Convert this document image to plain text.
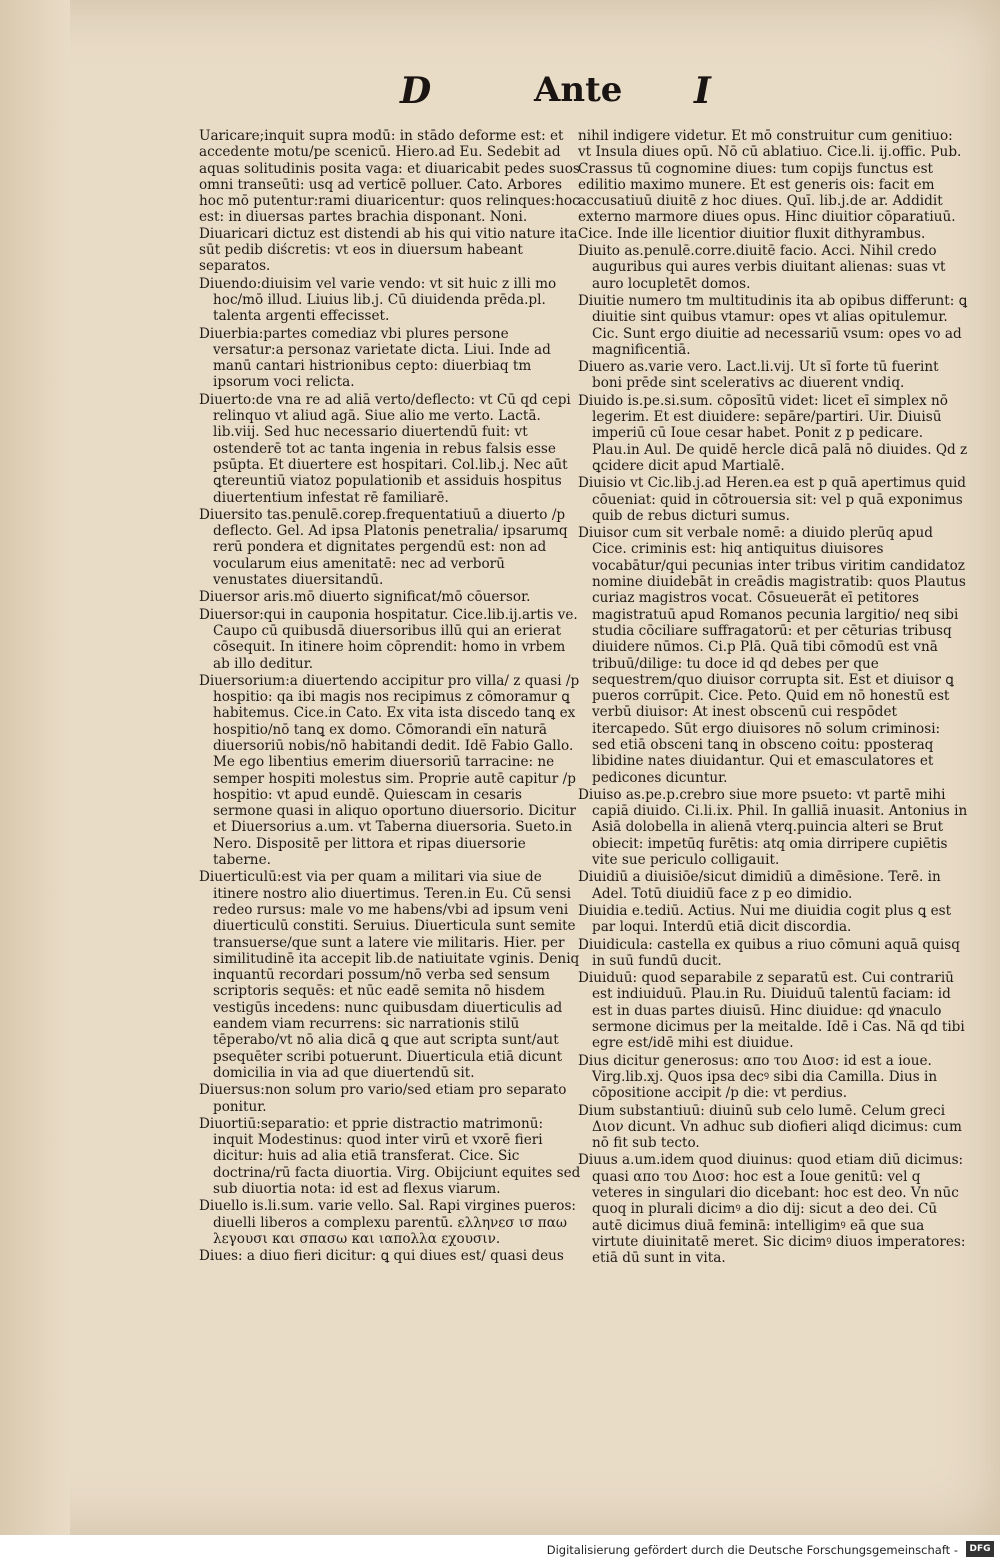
D	Ante I

Uaricare;inquit supra modū: in stādo deforme est: et accedente motu/pe scenicū. Hiero.ad Eu. Sedebit ad aquas solitudinis posita vaga: et diuaricabit pedes suos omni transeūti: usq ad verticē polluer. Cato. Arbores hoc mō putentur:rami diuaricentur: quos relinques:hoc est: in diuersas partes brachia disponant. Noni. Diuaricari dictuz est distendi ab his qui vitio nature ita sūt pedib diścretis: vt eos in diuersum habeant separatos.

Diuendo:diuisim vel varie vendo: vt sit huic z illi mo hoc/mō illud. Liuius lib.j. Cū diuidenda prēda.pl. talenta argenti effecisset.

Diuerbia:partes comediaz vbi plures persone versatur:a personaz varietate dicta. Liui. Inde ad manū cantari histrionibus cepto: diuerbiaq tm ipsorum voci relicta.

Diuerto:de vna re ad aliā verto/deflecto: vt Cū qd cepi relinquo vt aliud agā. Siue alio me verto. Lactā. lib.viij. Sed huc necessario diuertendū fuit: vt ostenderē tot ac tanta ingenia in rebus falsis esse psūpta. Et diuertere est hospitari. Col.lib.j. Nec aūt ꝗtereuntiū viatoz populationib et assiduis hospitus diuertentium infestat rē familiarē.

Diuersito tas.penulē.corep.frequentatiuū a diuerto /p deflecto. Gel. Ad ipsa Platonis penetralia/ ipsarumq rerū pondera et dignitates pergendū est: non ad vocularum eius amenitatē: nec ad verborū venustates diuersitandū.

Diuersor aris.mō diuerto significat/mō cōuersor.

Diuersor:qui in cauponia hospitatur. Cice.lib.ij.artis ve. Caupo cū quibusdā diuersoribus illū qui an erierat cōsequit. In itinere hoim cōprendit: homo in vrbem ab illo deditur.

Diuersorium:a diuertendo accipitur pro villa/ z quasi /p hospitio: qa ibi magis nos recipimus z cōmoramur ꝗ habitemus. Cice.in Cato. Ex vita ista discedo tanꝗ ex hospitio/nō tanꝗ ex domo. Cōmorandi eīn naturā diuersoriū nobis/nō habitandi dedit. Idē Fabio Gallo. Me ego libentius emerim diuersoriū tarracine: ne semper hospiti molestus sim. Proprie autē capitur /p hospitio: vt apud eundē. Quiescam in cesaris sermone quasi in aliquo oportuno diuersorio. Dicitur et Diuersorius a.um. vt Taberna diuersoria. Sueto.in Nero. Dispositē per littora et ripas diuersorie taberne.

Diuerticulū:est via per quam a militari via siue de itinere nostro alio diuertimus. Teren.in Eu. Cū sensi redeo rursus: male vo me habens/vbi ad ipsum veni diuerticulū constiti. Seruius. Diuerticula sunt semite transuerse/que sunt a latere vie militaris. Hier. per similitudinē ita accepit lib.de natiuitate vginis. Deniq inquantū recordari possum/nō verba sed sensum scriptoris sequēs: et nūc eadē semita nō hisdem vestigūs incedens: nunc quibusdam diuerticulis ad eandem viam recurrens: sic narrationis stilū tēperabo/vt nō alia dicā ꝗ que aut scripta sunt/aut psequēter scribi potuerunt. Diuerticula etiā dicunt domicilia in via ad que diuertendū sit.

Diuersus:non solum pro vario/sed etiam pro separato ponitur.

Diuortiū:separatio: et pprie distractio matrimonū: inquit Modestinus: quod inter virū et vxorē fieri dicitur: huis ad alia etiā transferat. Cice. Sic doctrina/rū facta diuortia. Virg. Obijciunt equites sed sub diuortia nota: id est ad flexus viarum.

Diuello is.li.sum. varie vello. Sal. Rapi virgines pueros: diuelli liberos a complexu parentū. ελληνεσ ισ παω λεγουσι και σπασω και ιαπολλα εχουσιν.

Diues: a diuo fieri dicitur: ꝗ qui diues est/ quasi deus

nihil indigere videtur. Et mō construitur cum genitiuo: vt Insula diues opū. Nō cū ablatiuo. Cice.li. ij.offic. Pub. Crassus tū cognomine diues: tum copijs functus est edilitio maximo munere. Et est generis ois: facit em accusatiuū diuitē z hoc diues. Quī. lib.j.de ar. Addidit externo marmore diues opus. Hinc diuitior cōparatiuū. Cice. Inde ille licentior diuitior fluxit dithyrambus.

Diuito as.penulē.corre.diuitē facio. Acci. Nihil credo auguribus qui aures verbis diuitant alienas: suas vt auro locupletēt domos.

Diuitie numero tm multitudinis ita ab opibus differunt: ꝗ diuitie sint quibus vtamur: opes vt alias opitulemur. Cic. Sunt ergo diuitie ad necessariū vsum: opes vo ad magnificentiā.

Diuero as.varie vero. Lact.li.vij. Ut sī forte tū fuerint boni prēde sint scelerativs ac diuerent vndiq.

Diuido is.pe.si.sum. cōposītū videt: licet eī simplex nō legerim. Et est diuidere: sepāre/partiri. Uir. Diuisū imperiū cū Ioue cesar habet. Ponit z p pedicare. Plau.in Aul. De quidē hercle dicā palā nō diuides. Qd z ꝗcidere dicit apud Martialē.

Diuisio vt Cic.lib.j.ad Heren.ea est p quā apertimus quid cōueniat: quid in cōtrouersia sit: vel p quā exponimus quib de rebus dicturi sumus.

Diuisor cum sit verbale nomē: a diuido plerūq apud Cice. criminis est: hiq antiquitus diuisores vocabātur/qui pecunias inter tribus viritim candidatoz nomine diuidebāt in creādis magistratib: quos Plautus curiaz magistros vocat. Cōsueuerāt eī petitores magistratuū apud Romanos pecunia largitio/ neq sibi studia cōciliare suffragatorū: et per cēturias tribusq diuidere nūmos. Ci.p Plā. Quā tibi cōmodū est vnā tribuū/dilige: tu doce id qd debes per que sequestrem/quo diuisor corrupta sit. Est et diuisor ꝗ pueros corrūpit. Cice. Peto. Quid em nō honestū est verbū diuisor: At inest obscenū cui respōdet itercapedo. Sūt ergo diuisores nō solum criminosi: sed etiā obsceni tanꝗ in obsceno coitu: pposteraq libidine nates diuidantur. Qui et emasculatores et pedicones dicuntur.

Diuiso as.pe.p.crebro siue more psueto: vt partē mihi capiā diuido. Ci.li.ix. Phil. In galliā inuasit. Antonius in Asiā dolobella in alienā vterq.puincia alteri se Brut obiecit: impetūq furētis: atq omia dirripere cupiētis vite sue periculo colligauit.

Diuidiū a diuisiōe/sicut dimidiū a dimēsione. Terē. in Adel. Totū diuidiū face z p eo dimidio.

Diuidia e.tediū. Actius. Nui me diuidia cogit plus ꝗ est par loqui. Interdū etiā dicit discordia.

Diuidicula: castella ex quibus a riuo cōmuni aquā quisq in suū fundū ducit.

Diuiduū: quod separabile z separatū est. Cui contrariū est indiuiduū. Plau.in Ru. Diuiduū talentū faciam: id est in duas partes diuisū. Hinc diuidue: qd ꝟnaculo sermone dicimus per la meitalde. Idē i Cas. Nā qd tibi egre est/idē mihi est diuidue.

Dius dicitur generosus: απο του Διοσ: id est a ioue. Virg.lib.xj. Quos ipsa decꝰ sibi dia Camilla. Dius in cōpositione accipit /p die: vt perdius.

Dium substantiuū: diuinū sub celo lumē. Celum greci Διον dicunt. Vn adhuc sub diofieri aliqd dicimus: cum nō fit sub tecto.

Diuus a.um.idem quod diuinus: quod etiam diū dicimus: quasi απο του Διοσ: hoc est a Ioue genitū: vel q veteres in singulari dio dicebant: hoc est deo. Vn nūc quoq in plurali dicimꝰ a dio dij: sicut a deo dei. Cū autē dicimus diuā feminā: intelligimꝰ eā que sua virtute diuinitatē meret. Sic dicimꝰ diuos imperatores: etiā dū sunt in vita.

Digitalisierung gefördert durch die Deutsche Forschungsgemeinschaft -	DFG
